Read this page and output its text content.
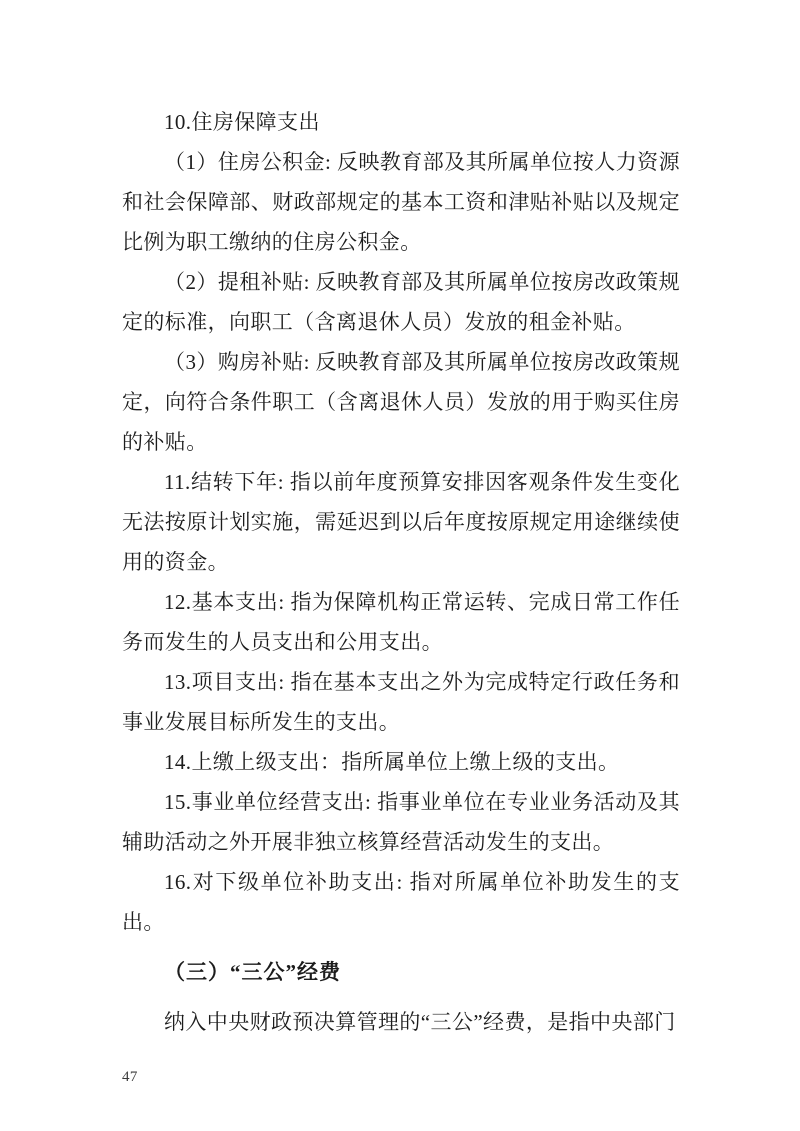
10.住房保障支出

（1）住房公积金: 反映教育部及其所属单位按人力资源和社会保障部、财政部规定的基本工资和津贴补贴以及规定比例为职工缴纳的住房公积金。

（2）提租补贴: 反映教育部及其所属单位按房改政策规定的标准，向职工（含离退休人员）发放的租金补贴。

（3）购房补贴: 反映教育部及其所属单位按房改政策规定，向符合条件职工（含离退休人员）发放的用于购买住房的补贴。

11.结转下年: 指以前年度预算安排因客观条件发生变化无法按原计划实施，需延迟到以后年度按原规定用途继续使用的资金。

12.基本支出: 指为保障机构正常运转、完成日常工作任务而发生的人员支出和公用支出。

13.项目支出: 指在基本支出之外为完成特定行政任务和事业发展目标所发生的支出。

14.上缴上级支出：指所属单位上缴上级的支出。

15.事业单位经营支出: 指事业单位在专业业务活动及其辅助活动之外开展非独立核算经营活动发生的支出。

16.对下级单位补助支出: 指对所属单位补助发生的支出。

（三）“三公”经费

纳入中央财政预决算管理的“三公”经费，是指中央部门

47
